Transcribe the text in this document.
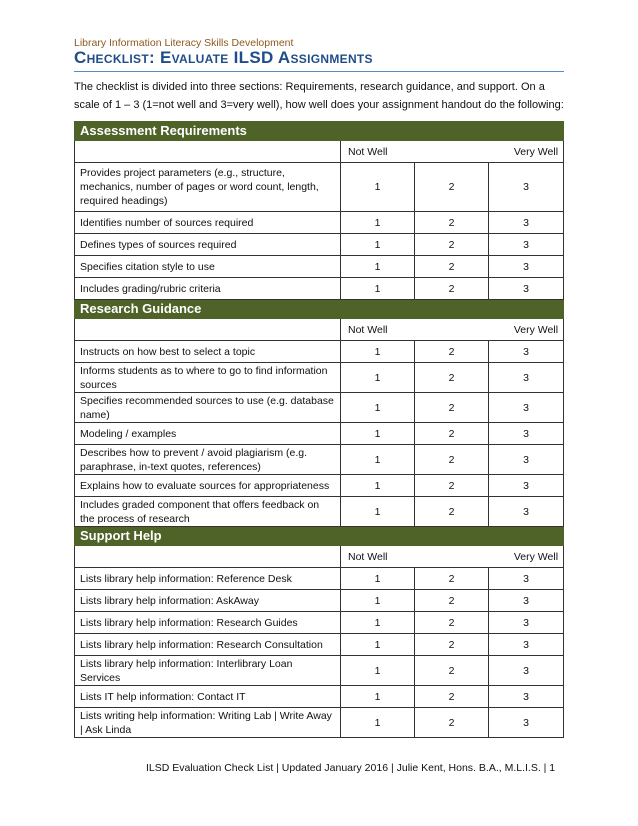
Library Information Literacy Skills Development
Checklist: Evaluate ILSD Assignments
The checklist is divided into three sections: Requirements, research guidance, and support. On a scale of 1 – 3 (1=not well and 3=very well), how well does your assignment handout do the following:
Assessment Requirements			
	Not Well Very Well		

Provides project parameters (e.g., structure, mechanics, number of pages or word count, length, required headings)	1	2	3
Identifies number of sources required	1	2	3
Defines types of sources required	1	2	3
Specifies citation style to use	1	2	3
Includes grading/rubric criteria	1	2	3
Research Guidance			
	Not Well Very Well		

Instructs on how best to select a topic	1	2	3
Informs students as to where to go to find information sources	1	2	3
Specifies recommended sources to use (e.g. database name)	1	2	3
Modeling / examples	1	2	3
Describes how to prevent / avoid plagiarism (e.g. paraphrase, in-text quotes, references)	1	2	3
Explains how to evaluate sources for appropriateness	1	2	3
Includes graded component that offers feedback on the process of research	1	2	3
Support Help			
	Not Well Very Well		

Lists library help information: Reference Desk	1	2	3
Lists library help information: AskAway	1	2	3
Lists library help information: Research Guides	1	2	3
Lists library help information: Research Consultation	1	2	3
Lists library help information: Interlibrary Loan Services	1	2	3
Lists IT help information: Contact IT	1	2	3
Lists writing help information: Writing Lab | Write Away | Ask Linda	1	2	3
ILSD Evaluation Check List | Updated January 2016 | Julie Kent, Hons. B.A., M.L.I.S. | 1
